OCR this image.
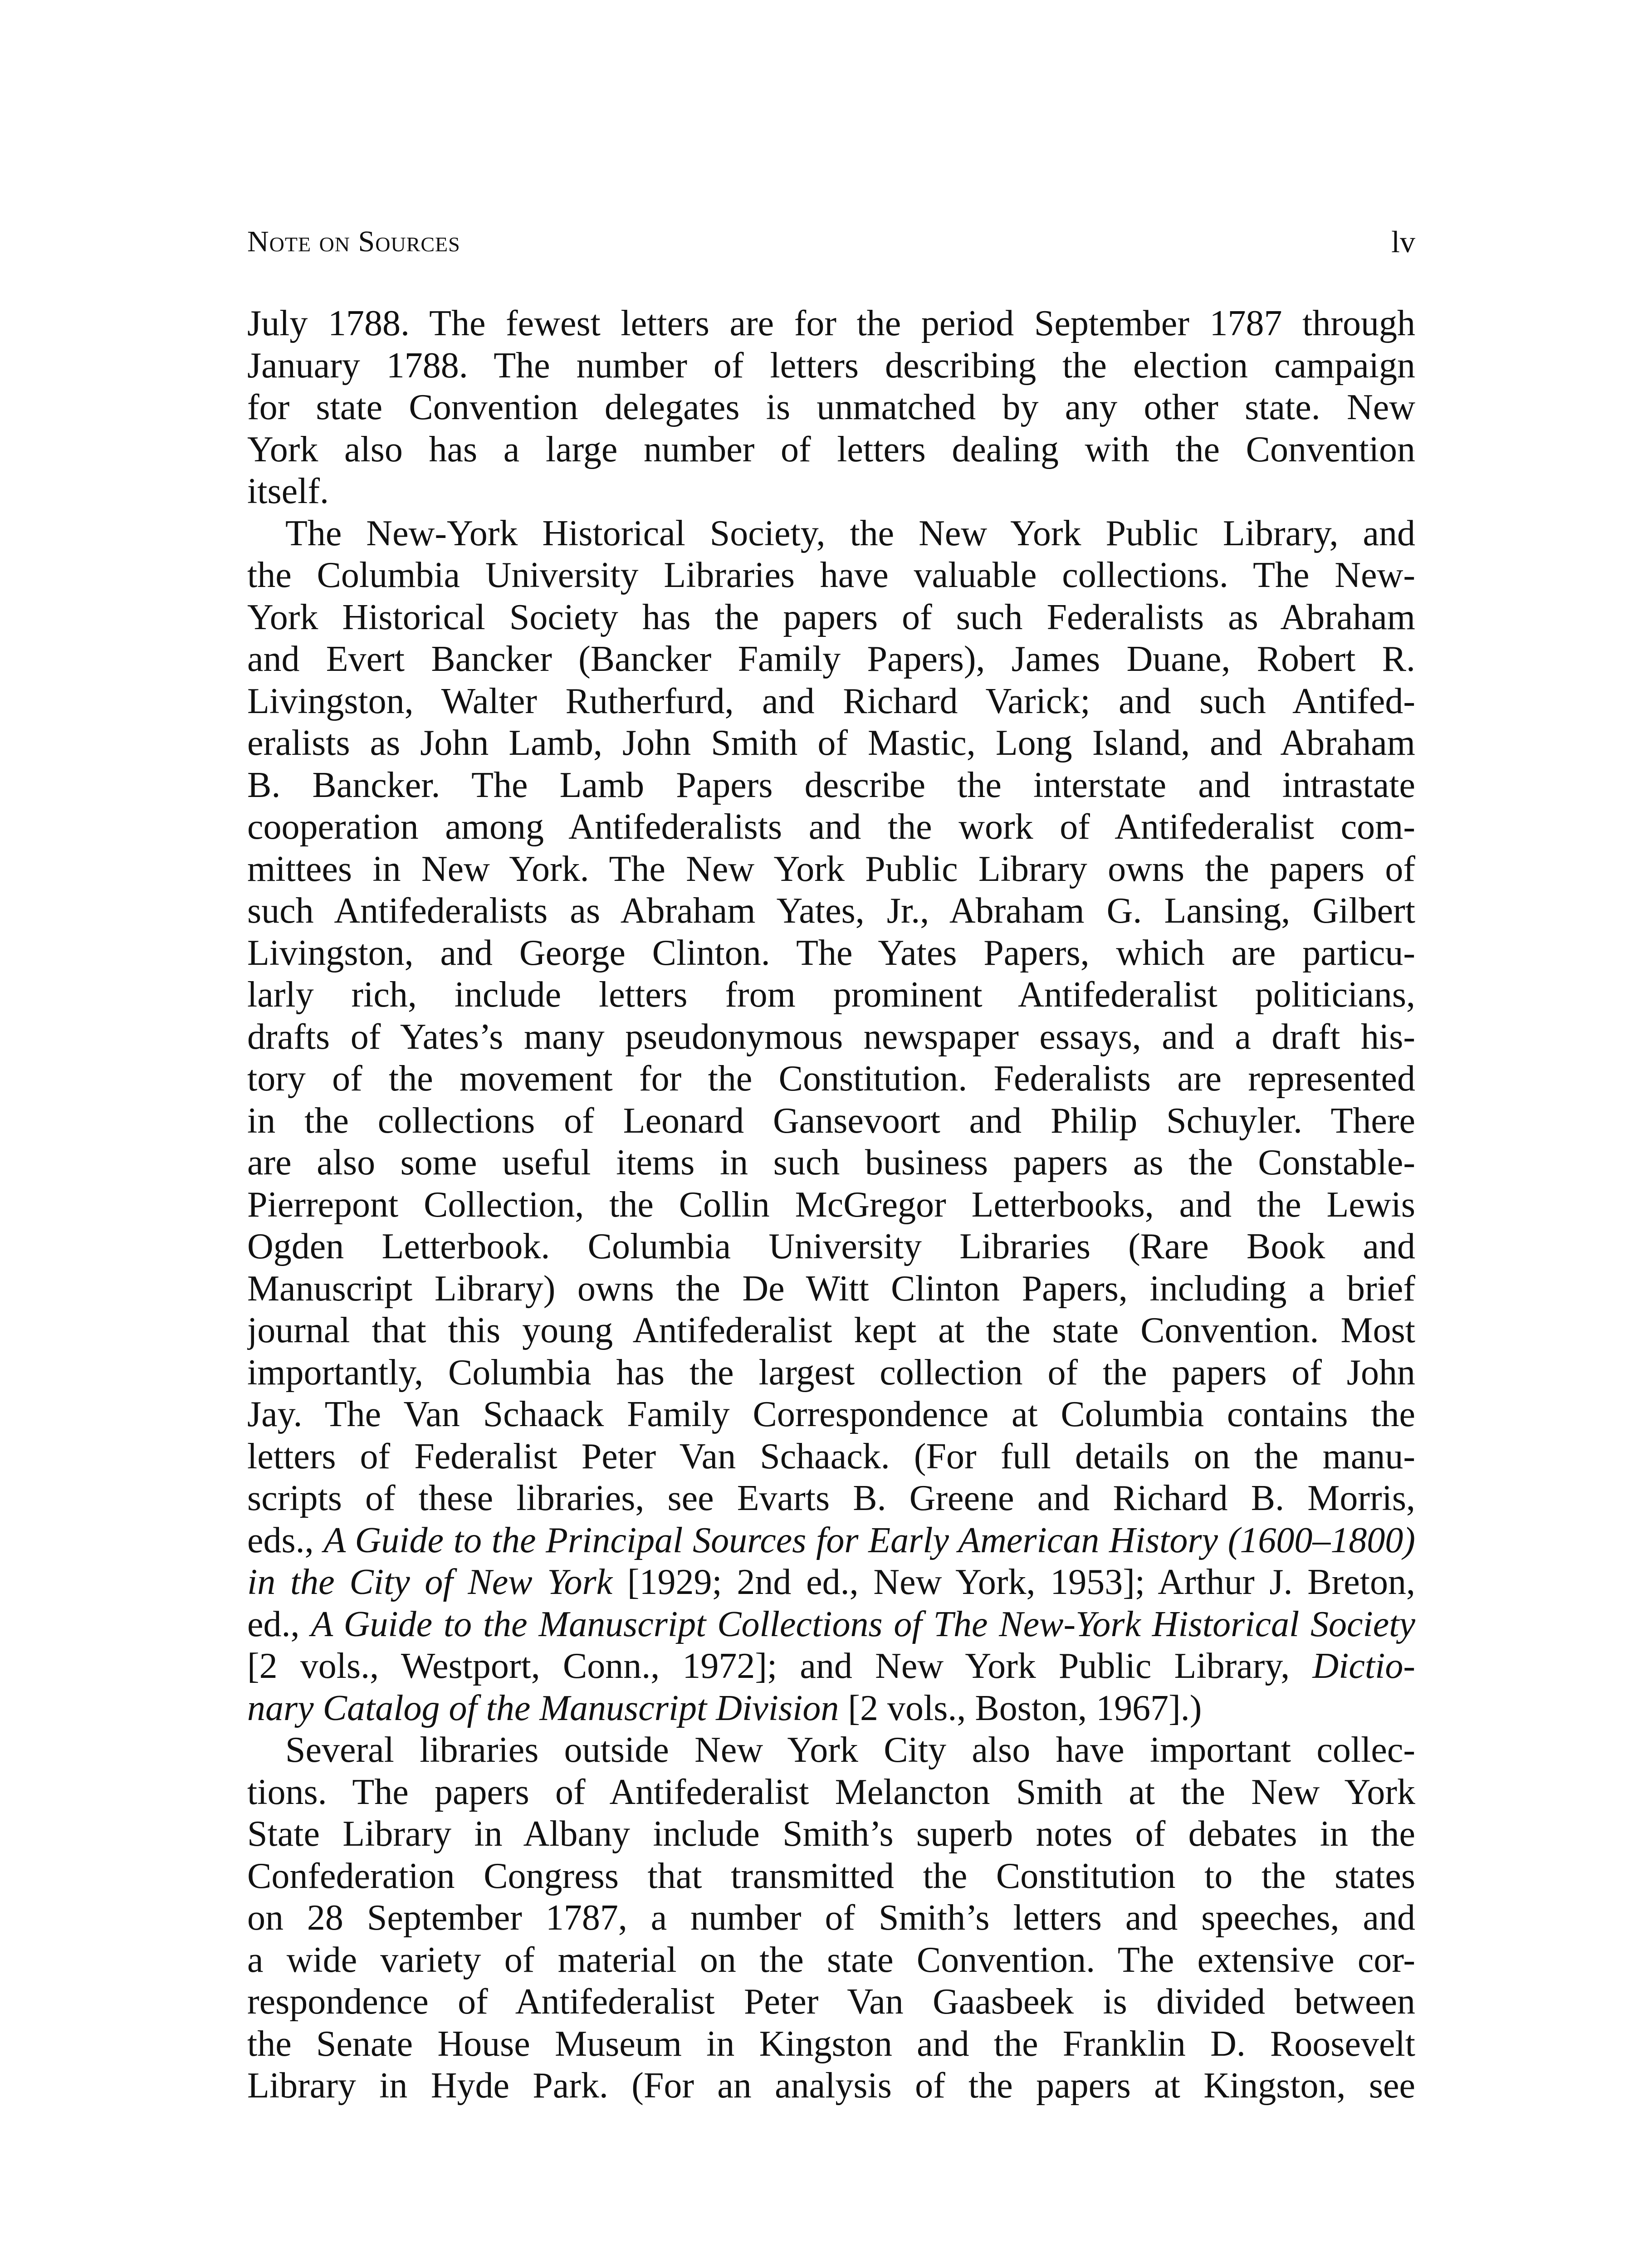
Note on Sources	lv
July 1788. The fewest letters are for the period September 1787 through
January 1788. The number of letters describing the election campaign
for state Convention delegates is unmatched by any other state. New
York also has a large number of letters dealing with the Convention
itself.
The New-York Historical Society, the New York Public Library, and
the Columbia University Libraries have valuable collections. The New-
York Historical Society has the papers of such Federalists as Abraham
and Evert Bancker (Bancker Family Papers), James Duane, Robert R.
Livingston, Walter Rutherfurd, and Richard Varick; and such Antifed-
eralists as John Lamb, John Smith of Mastic, Long Island, and Abraham
B. Bancker. The Lamb Papers describe the interstate and intrastate
cooperation among Antifederalists and the work of Antifederalist com-
mittees in New York. The New York Public Library owns the papers of
such Antifederalists as Abraham Yates, Jr., Abraham G. Lansing, Gilbert
Livingston, and George Clinton. The Yates Papers, which are particu-
larly rich, include letters from prominent Antifederalist politicians,
drafts of Yates’s many pseudonymous newspaper essays, and a draft his-
tory of the movement for the Constitution. Federalists are represented
in the collections of Leonard Gansevoort and Philip Schuyler. There
are also some useful items in such business papers as the Constable-
Pierrepont Collection, the Collin McGregor Letterbooks, and the Lewis
Ogden Letterbook. Columbia University Libraries (Rare Book and
Manuscript Library) owns the De Witt Clinton Papers, including a brief
journal that this young Antifederalist kept at the state Convention. Most
importantly, Columbia has the largest collection of the papers of John
Jay. The Van Schaack Family Correspondence at Columbia contains the
letters of Federalist Peter Van Schaack. (For full details on the manu-
scripts of these libraries, see Evarts B. Greene and Richard B. Morris,
eds., A Guide to the Principal Sources for Early American History (1600–1800)
in the City of New York [1929; 2nd ed., New York, 1953]; Arthur J. Breton,
ed., A Guide to the Manuscript Collections of The New-York Historical Society
[2 vols., Westport, Conn., 1972]; and New York Public Library, Dictio-
nary Catalog of the Manuscript Division [2 vols., Boston, 1967].)
Several libraries outside New York City also have important collec-
tions. The papers of Antifederalist Melancton Smith at the New York
State Library in Albany include Smith’s superb notes of debates in the
Confederation Congress that transmitted the Constitution to the states
on 28 September 1787, a number of Smith’s letters and speeches, and
a wide variety of material on the state Convention. The extensive cor-
respondence of Antifederalist Peter Van Gaasbeek is divided between
the Senate House Museum in Kingston and the Franklin D. Roosevelt
Library in Hyde Park. (For an analysis of the papers at Kingston, see
